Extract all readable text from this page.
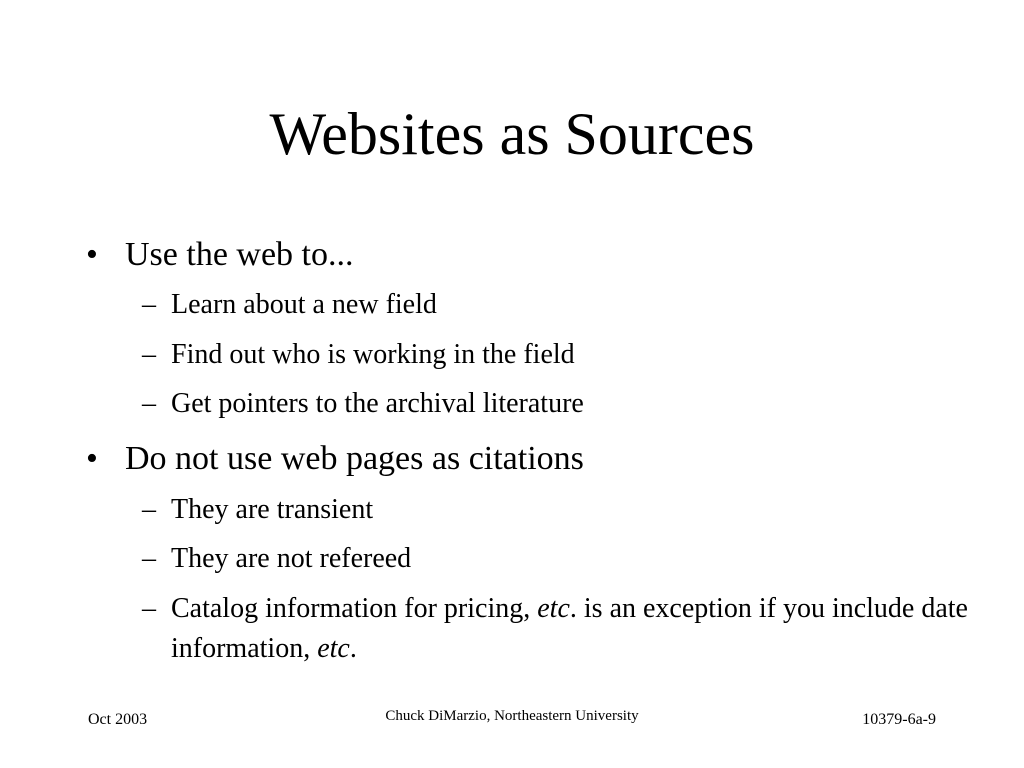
Websites as Sources
• Use the web to...
– Learn about a new field
– Find out who is working in the field
– Get pointers to the archival literature
• Do not use web pages as citations
– They are transient
– They are not refereed
– Catalog information for pricing, etc. is an exception if you include date information, etc.
Oct 2003	Chuck DiMarzio, Northeastern University	10379-6a-9
